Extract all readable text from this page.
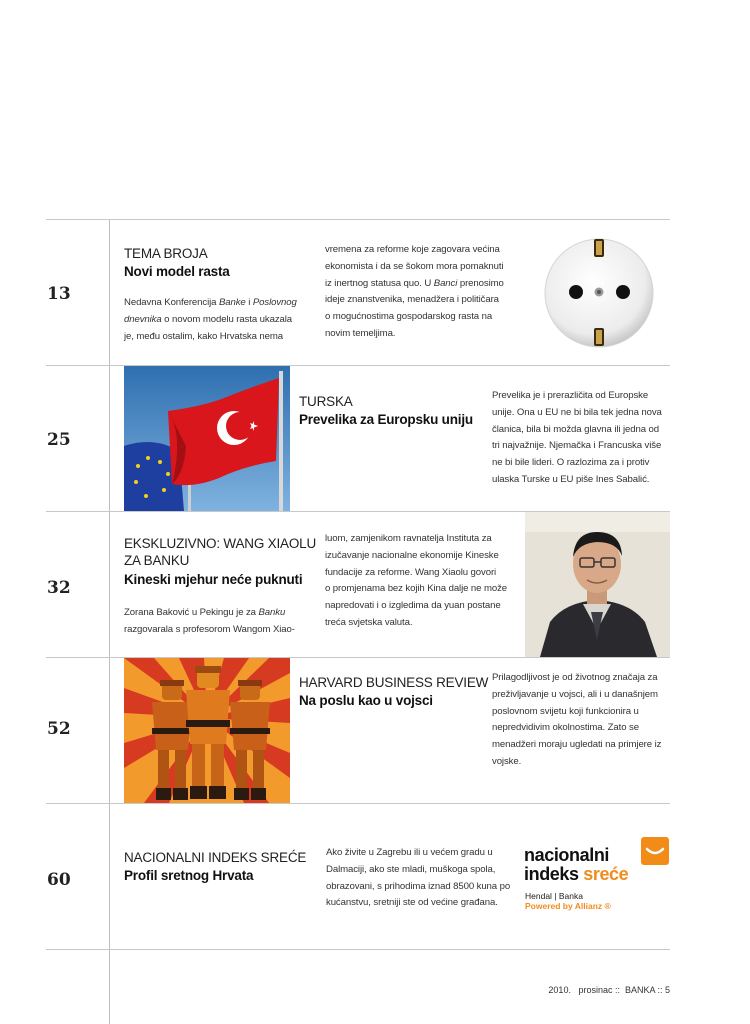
13
TEMA BROJA
Novi model rasta
Nedavna Konferencija Banke i Poslovnog
dnevnika o novom modelu rasta ukazala
je, među ostalim, kako Hrvatska nema
vremena za reforme koje zagovara većina
ekonomista i da se šokom mora pomaknuti
iz inertnog statusa quo. U Banci prenosimo
ideje znanstvenika, menadžera i političara
o mogućnostima gospodarskog rasta na
novim temeljima.
25
TURSKA
Prevelika za Europsku uniju
Prevelika je i prerazličita od Europske
unije. Ona u EU ne bi bila tek jedna nova
članica, bila bi možda glavna ili jedna od
tri najvažnije. Njemačka i Francuska više
ne bi bile lideri. O razlozima za i protiv
ulaska Turske u EU piše Ines Sabalić.
32
EKSKLUZIVNO: WANG XIAOLU
ZA BANKU
Kineski mjehur neće puknuti
Zorana Baković u Pekingu je za Banku
razgovarala s profesorom Wangom Xiao-
luom, zamjenikom ravnatelja Instituta za
izučavanje nacionalne ekonomije Kineske
fundacije za reforme. Wang Xiaolu govori
o promjenama bez kojih Kina dalje ne može
napredovati i o izgledima da yuan postane
treća svjetska valuta.
52
HARVARD BUSINESS REVIEW
Na poslu kao u vojsci
Prilagodljivost je od životnog značaja za
preživljavanje u vojsci, ali i u današnjem
poslovnom svijetu koji funkcionira u
nepredvidivim okolnostima. Zato se
menadžeri moraju ugledati na primjere iz
vojske.
60
NACIONALNI INDEKS SREĆE
Profil sretnog Hrvata
Ako živite u Zagrebu ili u većem gradu u
Dalmaciji, ako ste mladi, muškoga spola,
obrazovani, s prihodima iznad 8500 kuna po
kućanstvu, sretniji ste od većine građana.
nacionalni
indeks sreće
Hendal | Banka
Powered by Allianz ®
2010.   prosinac ::  BANKA :: 5
